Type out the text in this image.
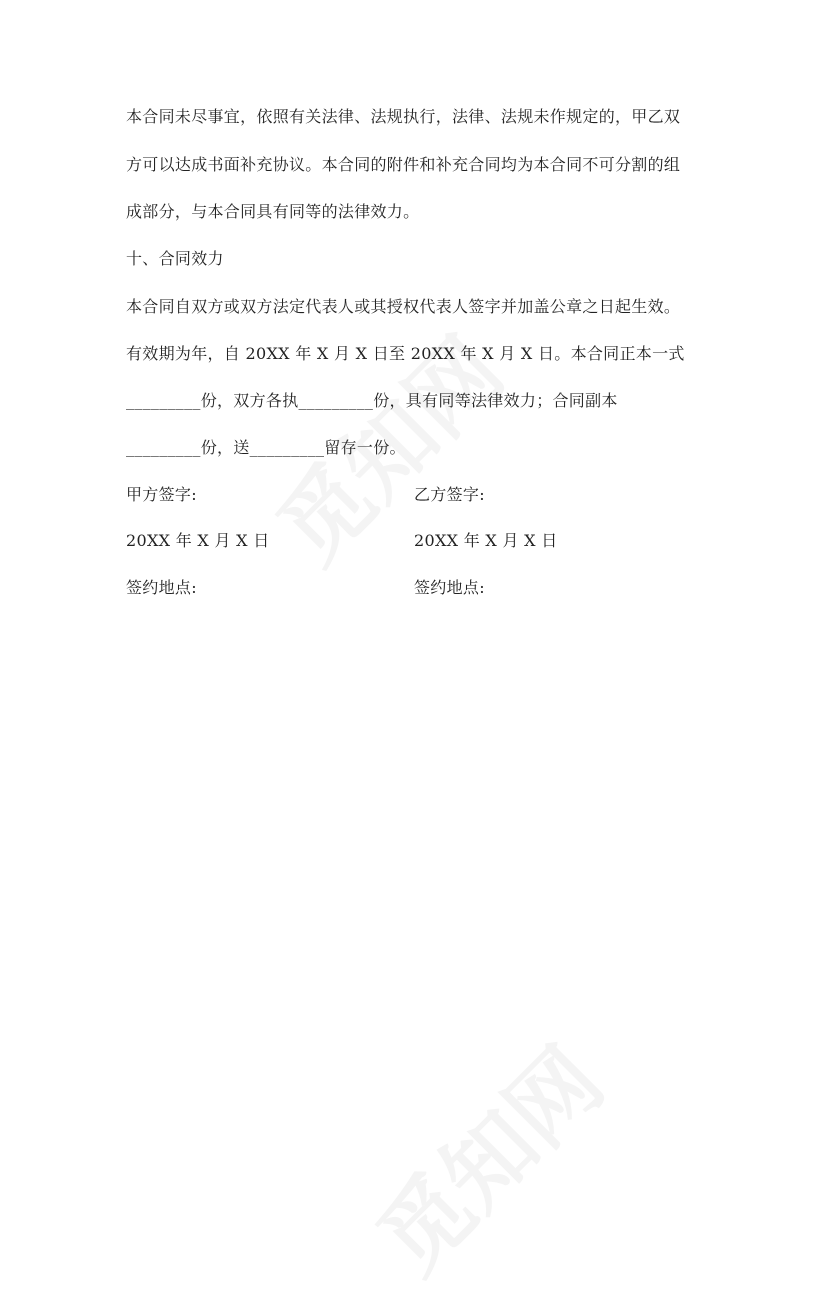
本合同未尽事宜，依照有关法律、法规执行，法律、法规未作规定的，甲乙双
方可以达成书面补充协议。本合同的附件和补充合同均为本合同不可分割的组
成部分，与本合同具有同等的法律效力。
十、合同效力
本合同自双方或双方法定代表人或其授权代表人签字并加盖公章之日起生效。
有效期为年，自 20XX 年 X 月 X 日至 20XX 年 X 月 X 日。本合同正本一式
_________份，双方各执_________份，具有同等法律效力；合同副本
_________份，送_________留存一份。
甲方签字:	乙方签字:
20XX 年 X 月 X 日	20XX 年 X 月 X 日
签约地点:	签约地点:
